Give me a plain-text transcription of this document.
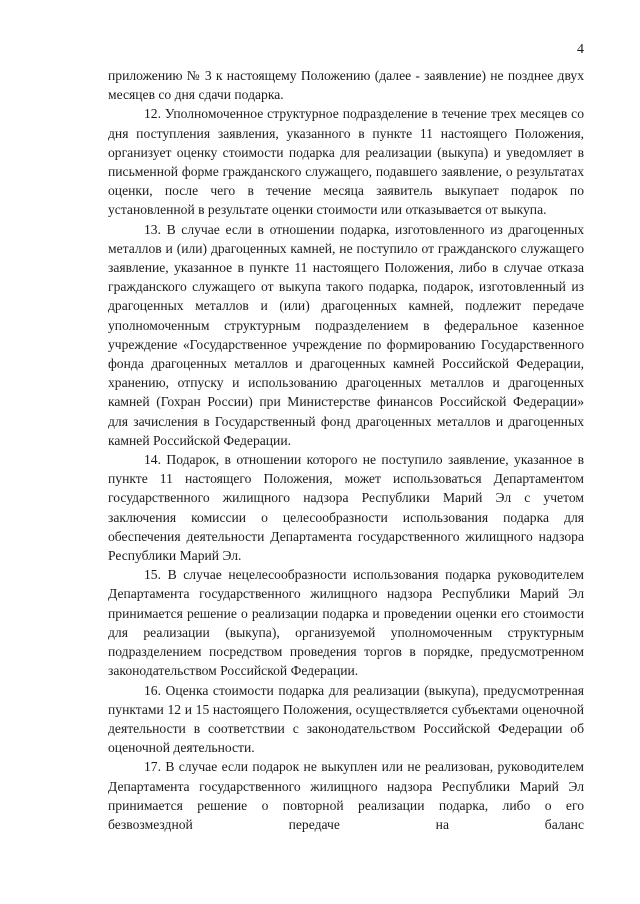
4

приложению № 3 к настоящему Положению (далее - заявление) не позднее двух месяцев со дня сдачи подарка.

12. Уполномоченное структурное подразделение в течение трех месяцев со дня поступления заявления, указанного в пункте 11 настоящего Положения, организует оценку стоимости подарка для реализации (выкупа) и уведомляет в письменной форме гражданского служащего, подавшего заявление, о результатах оценки, после чего в течение месяца заявитель выкупает подарок по установленной в результате оценки стоимости или отказывается от выкупа.

13. В случае если в отношении подарка, изготовленного из драгоценных металлов и (или) драгоценных камней, не поступило от гражданского служащего заявление, указанное в пункте 11 настоящего Положения, либо в случае отказа гражданского служащего от выкупа такого подарка, подарок, изготовленный из драгоценных металлов и (или) драгоценных камней, подлежит передаче уполномоченным структурным подразделением в федеральное казенное учреждение «Государственное учреждение по формированию Государственного фонда драгоценных металлов и драгоценных камней Российской Федерации, хранению, отпуску и использованию драгоценных металлов и драгоценных камней (Гохран России) при Министерстве финансов Российской Федерации» для зачисления в Государственный фонд драгоценных металлов и драгоценных камней Российской Федерации.

14. Подарок, в отношении которого не поступило заявление, указанное в пункте 11 настоящего Положения, может использоваться Департаментом государственного жилищного надзора Республики Марий Эл с учетом заключения комиссии о целесообразности использования подарка для обеспечения деятельности Департамента государственного жилищного надзора Республики Марий Эл.

15. В случае нецелесообразности использования подарка руководителем Департамента государственного жилищного надзора Республики Марий Эл принимается решение о реализации подарка и проведении оценки его стоимости для реализации (выкупа), организуемой уполномоченным структурным подразделением посредством проведения торгов в порядке, предусмотренном законодательством Российской Федерации.

16. Оценка стоимости подарка для реализации (выкупа), предусмотренная пунктами 12 и 15 настоящего Положения, осуществляется субъектами оценочной деятельности в соответствии с законодательством Российской Федерации об оценочной деятельности.

17. В случае если подарок не выкуплен или не реализован, руководителем Департамента государственного жилищного надзора Республики Марий Эл принимается решение о повторной реализации подарка, либо о его безвозмездной передаче на баланс
